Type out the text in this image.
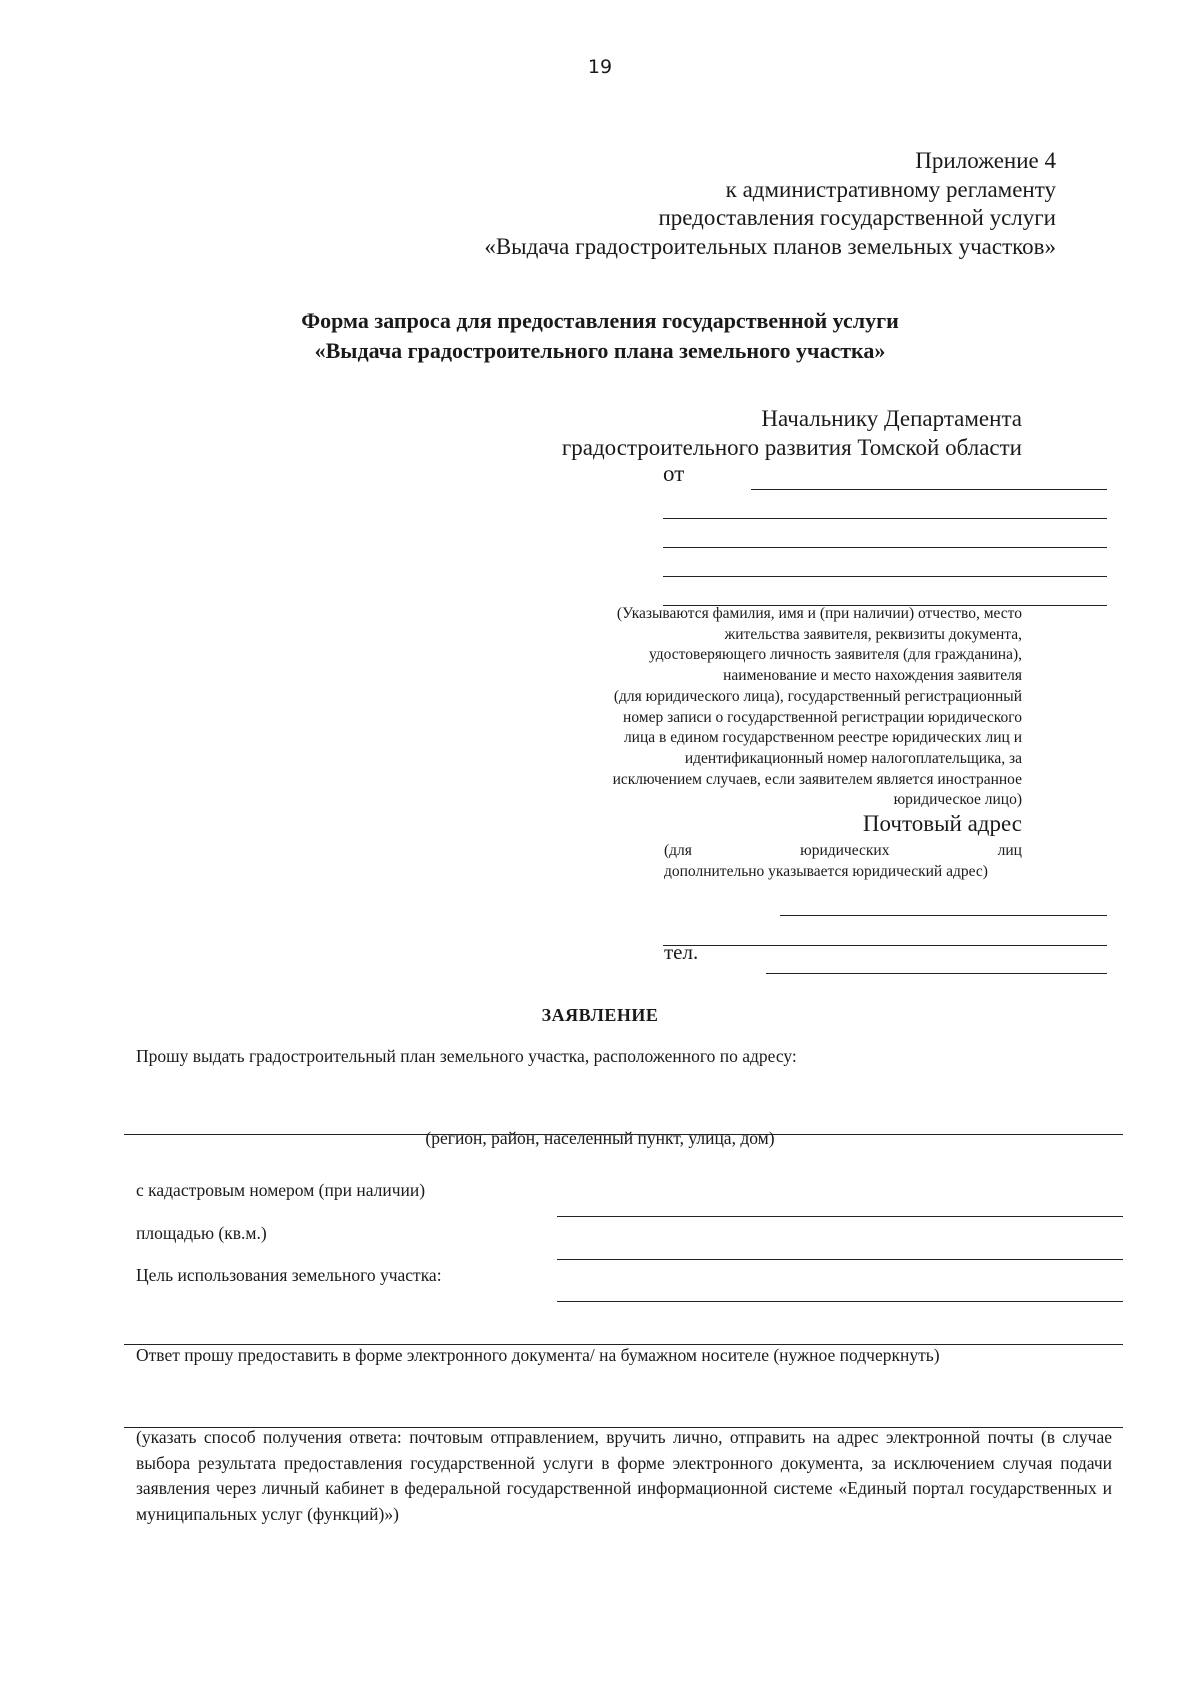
19
Приложение 4
к административному регламенту
предоставления государственной услуги
«Выдача градостроительных планов земельных участков»
Форма запроса для предоставления государственной услуги
«Выдача градостроительного плана земельного участка»
Начальнику Департамента
градостроительного развития Томской области
от
(Указываются фамилия, имя и (при наличии) отчество, место
жительства заявителя, реквизиты документа,
удостоверяющего личность заявителя (для гражданина),
наименование и место нахождения заявителя
(для юридического лица), государственный регистрационный
номер записи о государственной регистрации юридического
лица в едином государственном реестре юридических лиц и
идентификационный номер налогоплательщика, за
исключением случаев, если заявителем является иностранное
юридическое лицо)
Почтовый адрес
(для	юридических	лиц
дополнительно указывается юридический адрес)
тел.
ЗАЯВЛЕНИЕ
Прошу выдать градостроительный план земельного участка, расположенного по адресу:
(регион, район, населенный пункт, улица, дом)
с кадастровым номером (при наличии)
площадью (кв.м.)
Цель использования земельного участка:
Ответ прошу предоставить в форме электронного документа/ на бумажном носителе (нужное подчеркнуть)
(указать способ получения ответа: почтовым отправлением, вручить лично, отправить на адрес электронной почты (в случае выбора результата предоставления государственной услуги в форме электронного документа, за исключением случая подачи заявления через личный кабинет в федеральной государственной информационной системе «Единый портал государственных и муниципальных услуг (функций)»)
